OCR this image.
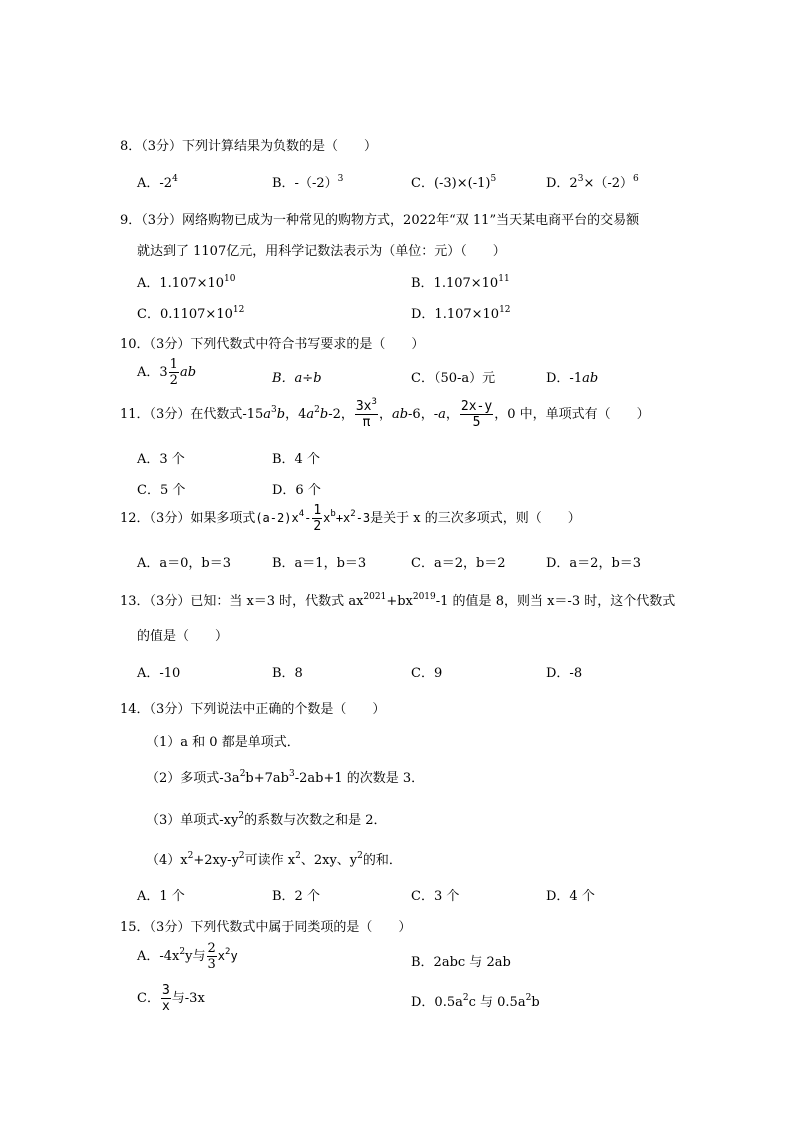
8．（3分）下列计算结果为负数的是（　　）
A．$-2^4$	B．$-(-2)^3$	C．$(-3)\times(-1)^5$	D．$2^3\times(-2)^6$
9．（3分）网络购物已成为一种常见的购物方式，2022年“双 11”当天某电商平台的交易额
就达到了 1107亿元，用科学记数法表示为（单位：元）（　　）
A．$1.107\times 10^{10}$	B．$1.107\times 10^{11}$
C．$0.1107\times 10^{12}$	D．$1.107\times 10^{12}$
10．（3分）下列代数式中符合书写要求的是（　　）
A．$3 \frac{1}{2}$ ab	B．a÷b	C．（50-a）元	D．-1ab
11．（3分）在代数式$-15a^3b$，$4a^2b-2$， $\frac{3x^3}{\pi}$ ，ab-6，-a， $\frac{2x-y}{5}$ ，0 中，单项式有（　　）
A．3 个	B．4 个
C．5 个	D．6 个
12．（3分）如果多项式$(a-2)x^4- \frac{1}{2} x^b+x^2-3$是关于 x 的三次多项式，则（　　）
A．a＝0，b＝3	B．a＝1，b＝3	C．a＝2，b＝2	D．a＝2，b＝3
13．（3分）已知：当 x＝3 时，代数式 $ax^{2021}+bx^{2019}-1$ 的值是 8，则当 x＝-3 时，这个代数式
的值是（　　）
A．-10	B．8	C．9	D．-8
14．（3分）下列说法中正确的个数是（　　）
（1）a 和 0 都是单项式．
（2）多项式$-3a^2b+7ab^3-2ab+1$ 的次数是 3．
（3）单项式$-xy^2$的系数与次数之和是 2．
$(4)x^2+2xy-y^2$可读作 $x^2$、2xy、$y^2$的和．
A．1 个	B．2 个	C．3 个	D．4 个
15．（3分）下列代数式中属于同类项的是（　　）
A．$-4x^2y$与 $\frac{2}{3} x^2y$	B．2abc 与 2ab
C． $\frac{3}{x}$ 与-3x	D．$0.5a^2c$ 与 $0.5a^2b$
